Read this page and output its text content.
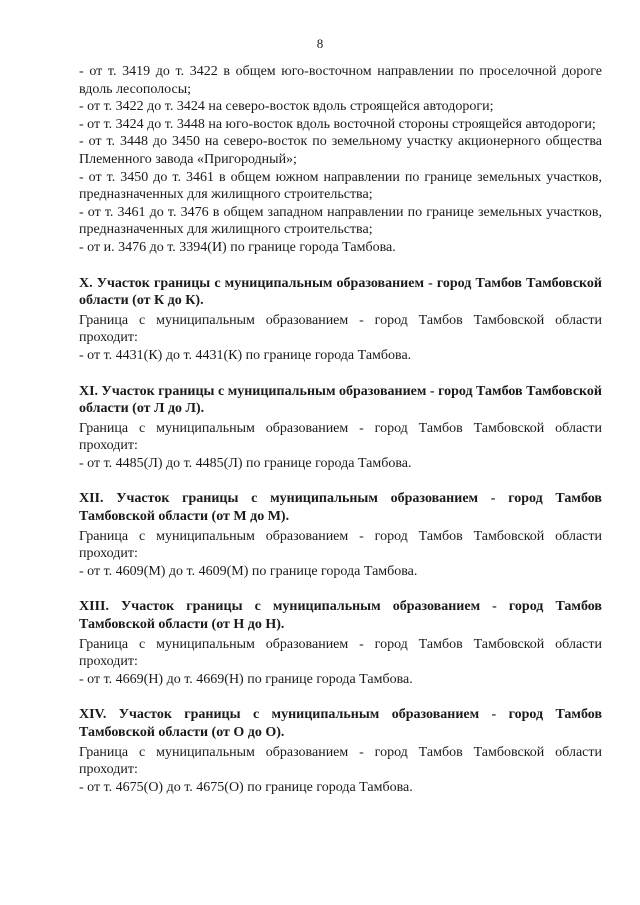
8
- от т. 3419 до т. 3422 в общем юго-восточном направлении по проселочной дороге вдоль лесополосы;
- от т. 3422 до т. 3424 на северо-восток вдоль строящейся автодороги;
- от т. 3424 до т. 3448 на юго-восток вдоль восточной стороны строящейся автодороги;
- от т. 3448 до 3450 на северо-восток по земельному участку акционерного общества Племенного завода «Пригородный»;
- от т. 3450 до т. 3461 в общем южном направлении по границе земельных участков, предназначенных для жилищного строительства;
- от т. 3461 до т. 3476 в общем западном направлении по границе земельных участков, предназначенных для жилищного строительства;
- от и. 3476 до т. 3394(И) по границе города Тамбова.
X. Участок границы с муниципальным образованием - город Тамбов Тамбовской области (от К до К).
Граница с муниципальным образованием - город Тамбов Тамбовской области проходит:
- от т. 4431(К) до т. 4431(К) по границе города Тамбова.
XI. Участок границы с муниципальным образованием - город Тамбов Тамбовской области (от Л до Л).
Граница с муниципальным образованием - город Тамбов Тамбовской области проходит:
- от т. 4485(Л) до т. 4485(Л) по границе города Тамбова.
XII. Участок границы с муниципальным образованием - город Тамбов Тамбовской области (от М до М).
Граница с муниципальным образованием - город Тамбов Тамбовской области проходит:
- от т. 4609(М) до т. 4609(М) по границе города Тамбова.
XIII. Участок границы с муниципальным образованием - город Тамбов Тамбовской области (от Н до Н).
Граница с муниципальным образованием - город Тамбов Тамбовской области проходит:
- от т. 4669(Н) до т. 4669(Н) по границе города Тамбова.
XIV. Участок границы с муниципальным образованием - город Тамбов Тамбовской области (от О до О).
Граница с муниципальным образованием - город Тамбов Тамбовской области проходит:
- от т. 4675(О) до т. 4675(О) по границе города Тамбова.
